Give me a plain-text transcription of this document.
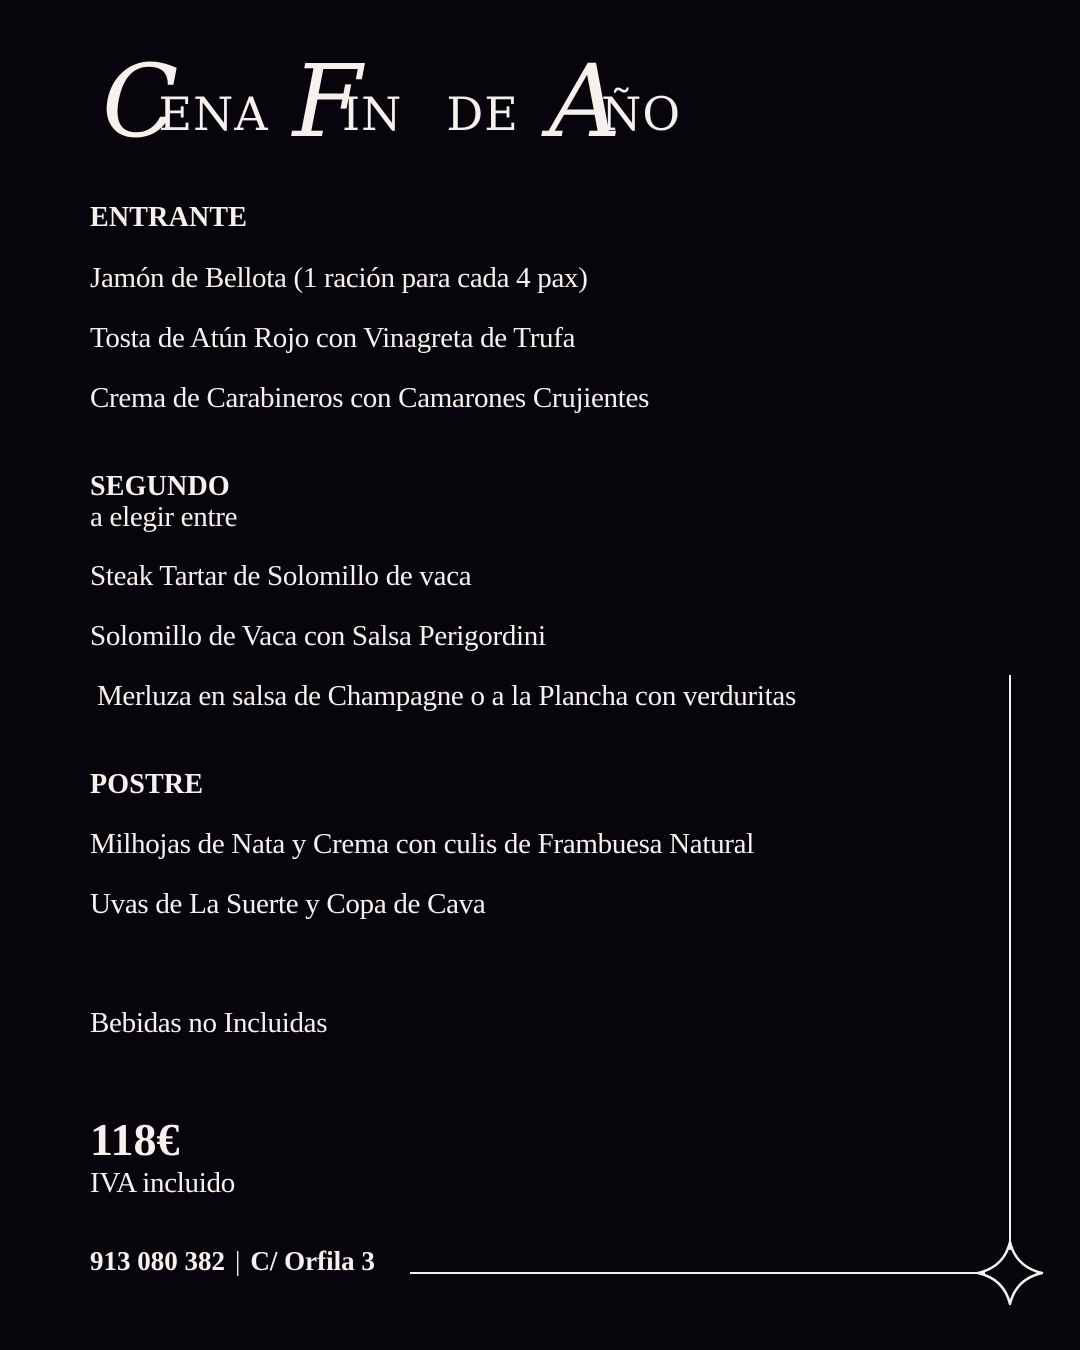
CENA FIN DE AÑO
ENTRANTE
Jamón de Bellota (1 ración para cada 4 pax)
Tosta de Atún Rojo con Vinagreta de Trufa
Crema de Carabineros con Camarones Crujientes
SEGUNDO
a elegir entre
Steak Tartar de Solomillo de vaca
Solomillo de Vaca con Salsa Perigordini
Merluza en salsa de Champagne o a la Plancha con verduritas
POSTRE
Milhojas de Nata y Crema con culis de Frambuesa Natural
Uvas de La Suerte y Copa de Cava
Bebidas no Incluidas
118€
IVA incluido
913 080 382 | C/ Orfila 3
